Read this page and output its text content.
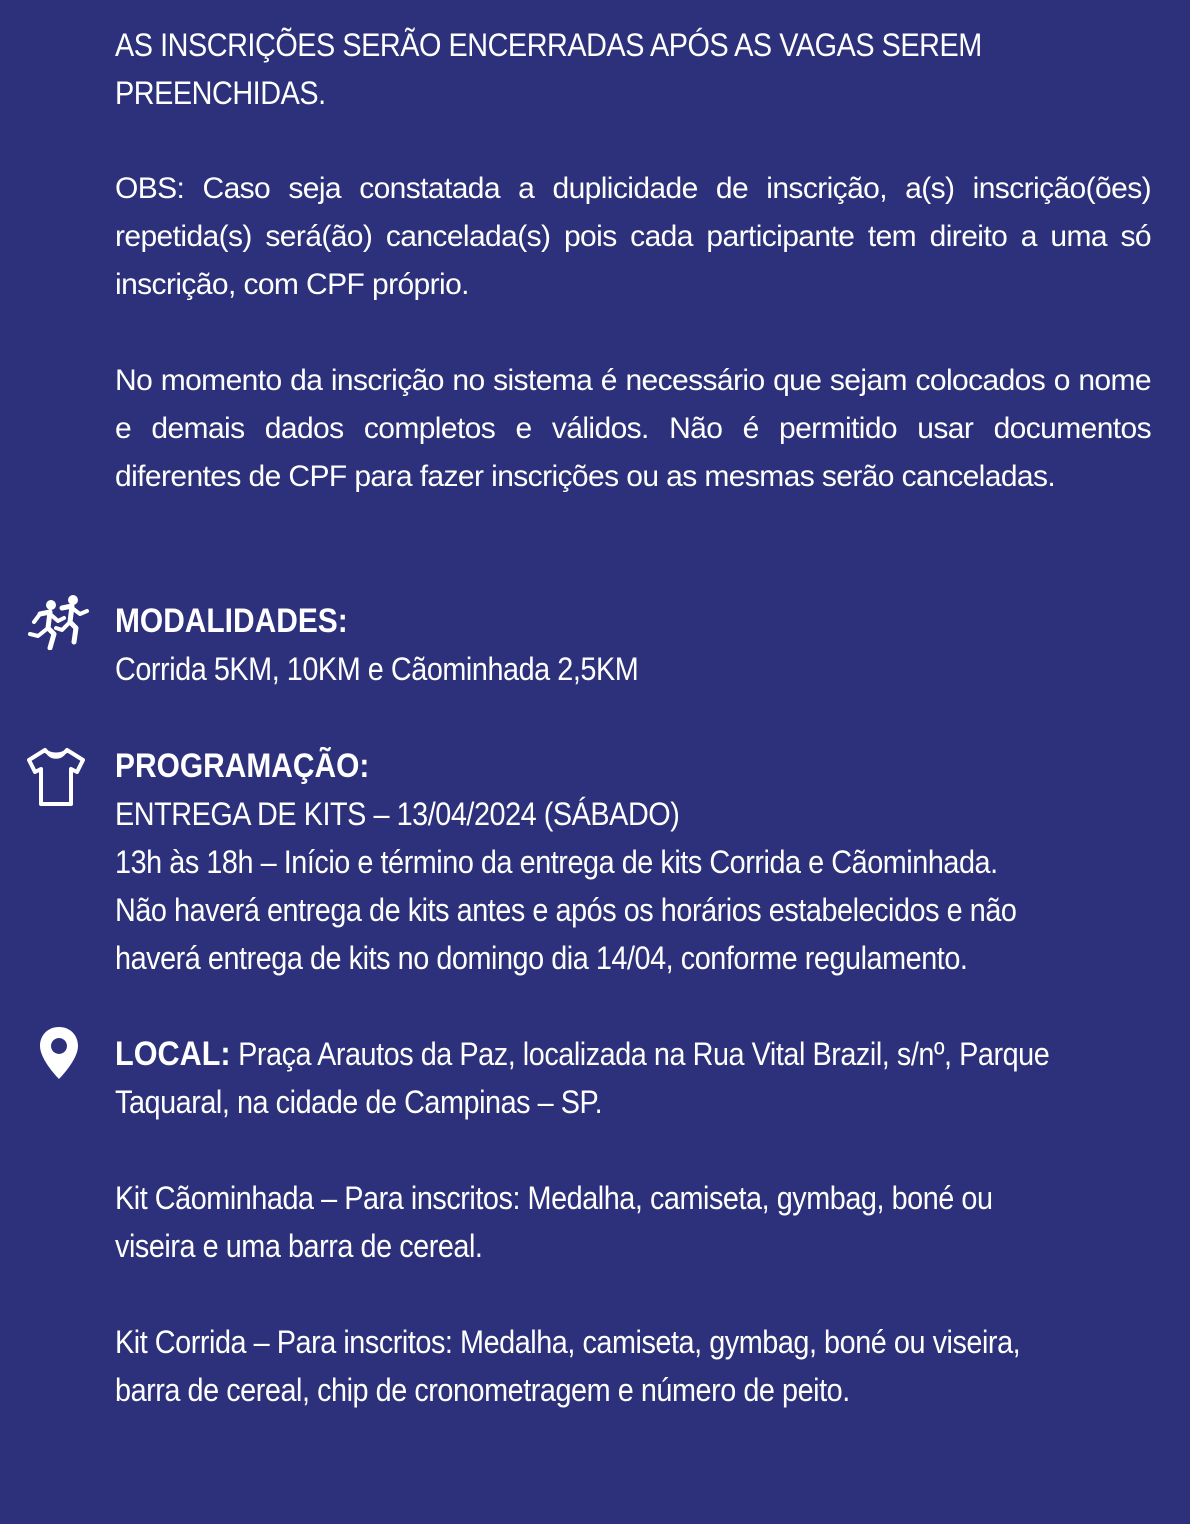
AS INSCRIÇÕES SERÃO ENCERRADAS APÓS AS VAGAS SEREM
PREENCHIDAS.
OBS: Caso seja constatada a duplicidade de inscrição, a(s) inscrição(ões) repetida(s) será(ão) cancelada(s) pois cada participante tem direito a uma só inscrição, com CPF próprio.
No momento da inscrição no sistema é necessário que sejam colocados o nome e demais dados completos e válidos. Não é permitido usar documentos diferentes de CPF para fazer inscrições ou as mesmas serão canceladas.
MODALIDADES:
Corrida 5KM, 10KM e Cãominhada 2,5KM
PROGRAMAÇÃO:
ENTREGA DE KITS – 13/04/2024 (SÁBADO)
13h às 18h – Início e término da entrega de kits Corrida e Cãominhada.
Não haverá entrega de kits antes e após os horários estabelecidos e não
haverá entrega de kits no domingo dia 14/04, conforme regulamento.
LOCAL: Praça Arautos da Paz, localizada na Rua Vital Brazil, s/nº, Parque
Taquaral, na cidade de Campinas – SP.
Kit Cãominhada – Para inscritos: Medalha, camiseta, gymbag, boné ou
viseira e uma barra de cereal.
Kit Corrida – Para inscritos: Medalha, camiseta, gymbag, boné ou viseira,
barra de cereal, chip de cronometragem e número de peito.
